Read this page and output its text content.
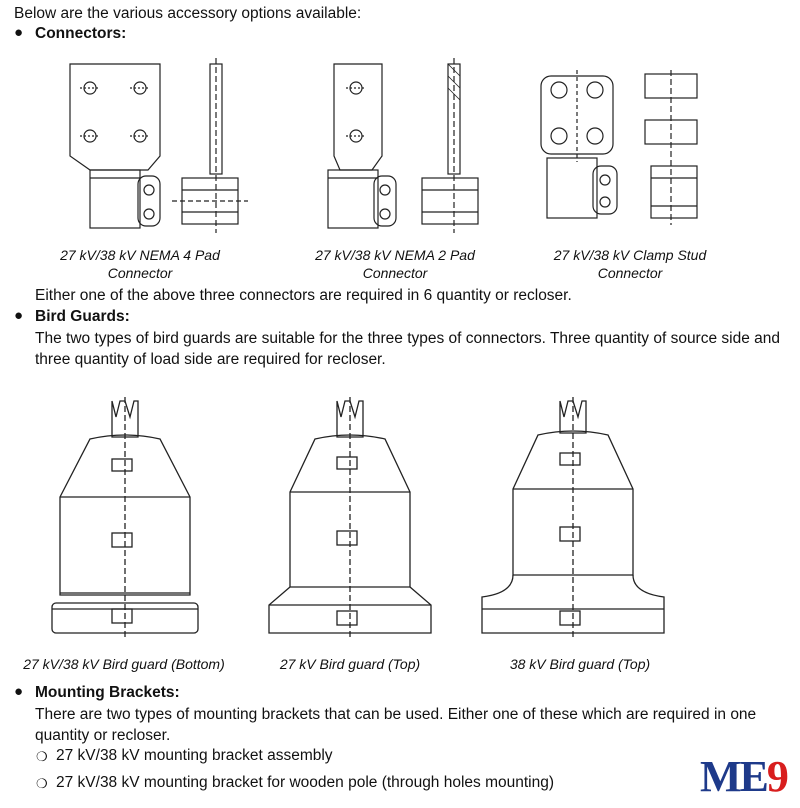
Below are the various accessory options available:
● Connectors:
27 kV/38 kV NEMA 4 Pad
Connector
27 kV/38 kV NEMA 2 Pad
Connector
27 kV/38 kV Clamp Stud
Connector
Either one of the above three connectors are required in 6 quantity or recloser.
● Bird Guards:
The two types of bird guards are suitable for the three types of connectors. Three quantity of source side and three quantity of load side are required for recloser.
27 kV/38 kV Bird guard (Bottom)	27 kV Bird guard (Top)	38 kV Bird guard (Top)
● Mounting Brackets:
There are two types of mounting brackets that can be used. Either one of these which are required in one quantity or recloser.
❍ 27 kV/38 kV mounting bracket assembly
❍ 27 kV/38 kV mounting bracket for wooden pole (through holes mounting)	ME9
